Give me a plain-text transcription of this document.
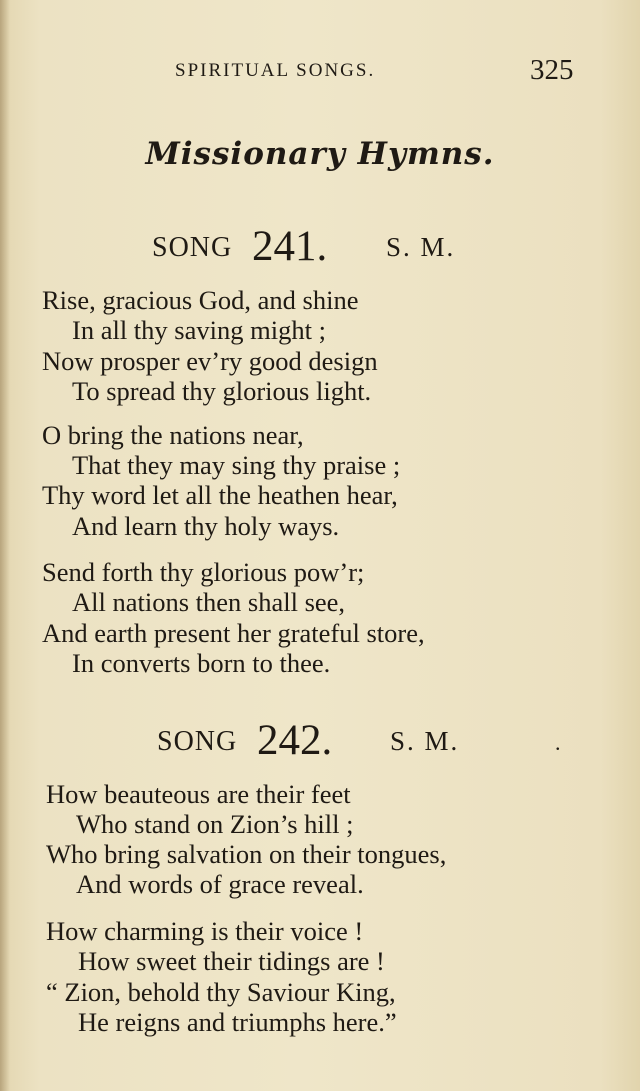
SPIRITUAL SONGS.	325
Missionary Hymns.
SONG 241. S. M.
Rise, gracious God, and shine
In all thy saving might ;
Now prosper ev’ry good design
To spread thy glorious light.
O bring the nations near,
That they may sing thy praise ;
Thy word let all the heathen hear,
And learn thy holy ways.
Send forth thy glorious pow’r;
All nations then shall see,
And earth present her grateful store,
In converts born to thee.
SONG 242. S. M.	.
How beauteous are their feet
Who stand on Zion’s hill ;
Who bring salvation on their tongues,
And words of grace reveal.
How charming is their voice !
How sweet their tidings are !
“ Zion, behold thy Saviour King,
He reigns and triumphs here.”
